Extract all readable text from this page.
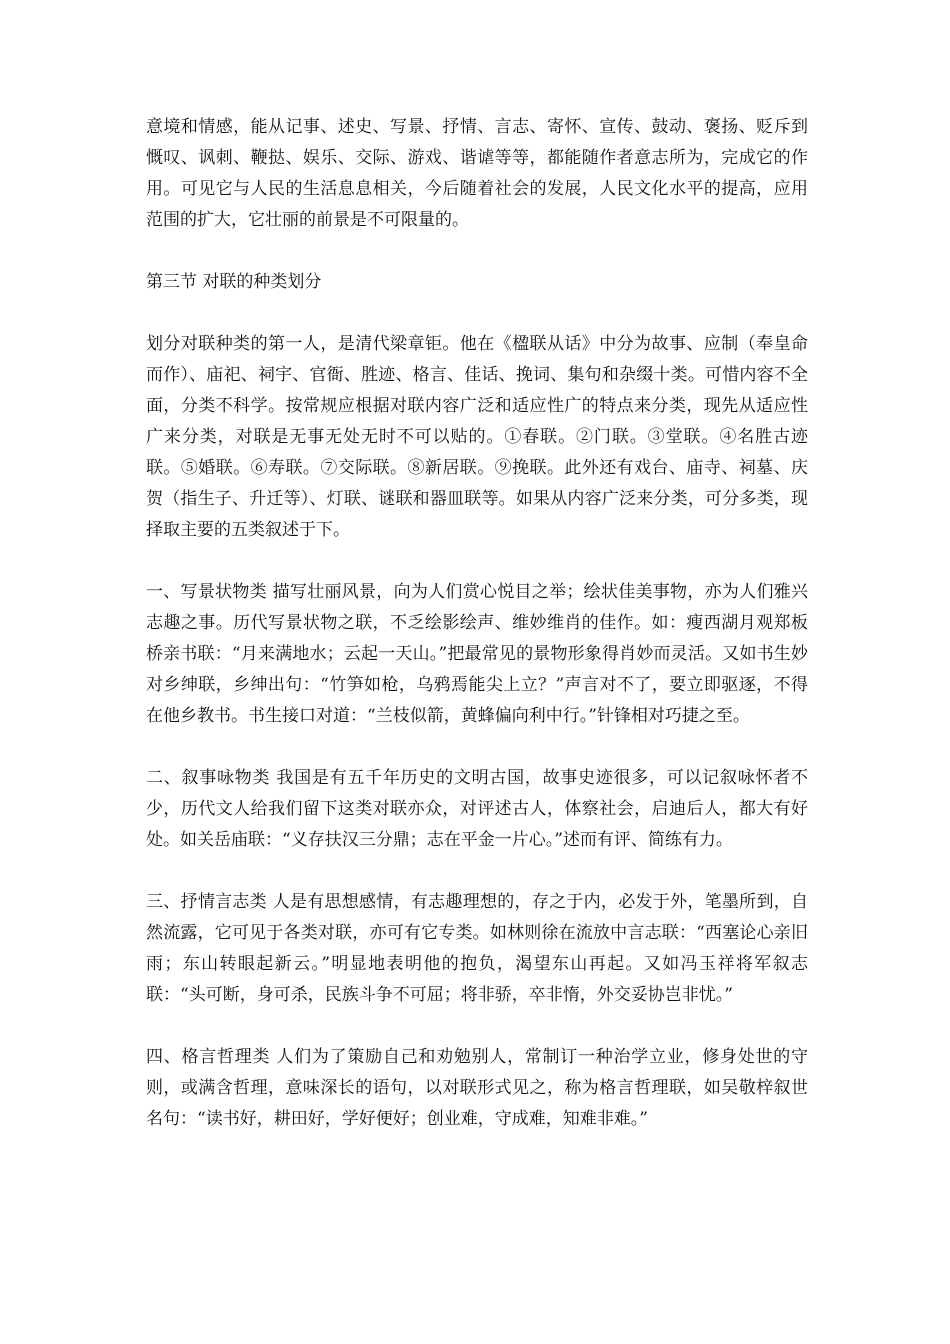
意境和情感，能从记事、述史、写景、抒情、言志、寄怀、宣传、鼓动、褒扬、贬斥到慨叹、讽刺、鞭挞、娱乐、交际、游戏、谐谑等等，都能随作者意志所为，完成它的作用。可见它与人民的生活息息相关，今后随着社会的发展，人民文化水平的提高，应用范围的扩大，它壮丽的前景是不可限量的。

第三节 对联的种类划分

划分对联种类的第一人，是清代梁章钜。他在《楹联从话》中分为故事、应制（奉皇命而作）、庙祀、祠宇、官衙、胜迹、格言、佳话、挽词、集句和杂缀十类。可惜内容不全面，分类不科学。按常规应根据对联内容广泛和适应性广的特点来分类，现先从适应性广来分类，对联是无事无处无时不可以贴的。①春联。②门联。③堂联。④名胜古迹联。⑤婚联。⑥寿联。⑦交际联。⑧新居联。⑨挽联。此外还有戏台、庙寺、祠墓、庆贺（指生子、升迁等）、灯联、谜联和器皿联等。如果从内容广泛来分类，可分多类，现择取主要的五类叙述于下。

一、写景状物类 描写壮丽风景，向为人们赏心悦目之举；绘状佳美事物，亦为人们雅兴志趣之事。历代写景状物之联，不乏绘影绘声、维妙维肖的佳作。如：瘦西湖月观郑板桥亲书联：“月来满地水；云起一天山。”把最常见的景物形象得肖妙而灵活。又如书生妙对乡绅联，乡绅出句：“竹笋如枪，乌鸦焉能尖上立？”声言对不了，要立即驱逐，不得在他乡教书。书生接口对道：“兰枝似箭，黄蜂偏向利中行。”针锋相对巧捷之至。

二、叙事咏物类 我国是有五千年历史的文明古国，故事史迹很多，可以记叙咏怀者不少，历代文人给我们留下这类对联亦众，对评述古人，体察社会，启迪后人，都大有好处。如关岳庙联：“义存扶汉三分鼎；志在平金一片心。”述而有评、简练有力。

三、抒情言志类 人是有思想感情，有志趣理想的，存之于内，必发于外，笔墨所到，自然流露，它可见于各类对联，亦可有它专类。如林则徐在流放中言志联：“西塞论心亲旧雨；东山转眼起新云。”明显地表明他的抱负，渴望东山再起。又如冯玉祥将军叙志联：“头可断，身可杀，民族斗争不可屈；将非骄，卒非惰，外交妥协岂非忧。”

四、格言哲理类 人们为了策励自己和劝勉别人，常制订一种治学立业，修身处世的守则，或满含哲理，意味深长的语句，以对联形式见之，称为格言哲理联，如吴敬梓叙世名句：“读书好，耕田好，学好便好；创业难，守成难，知难非难。”
